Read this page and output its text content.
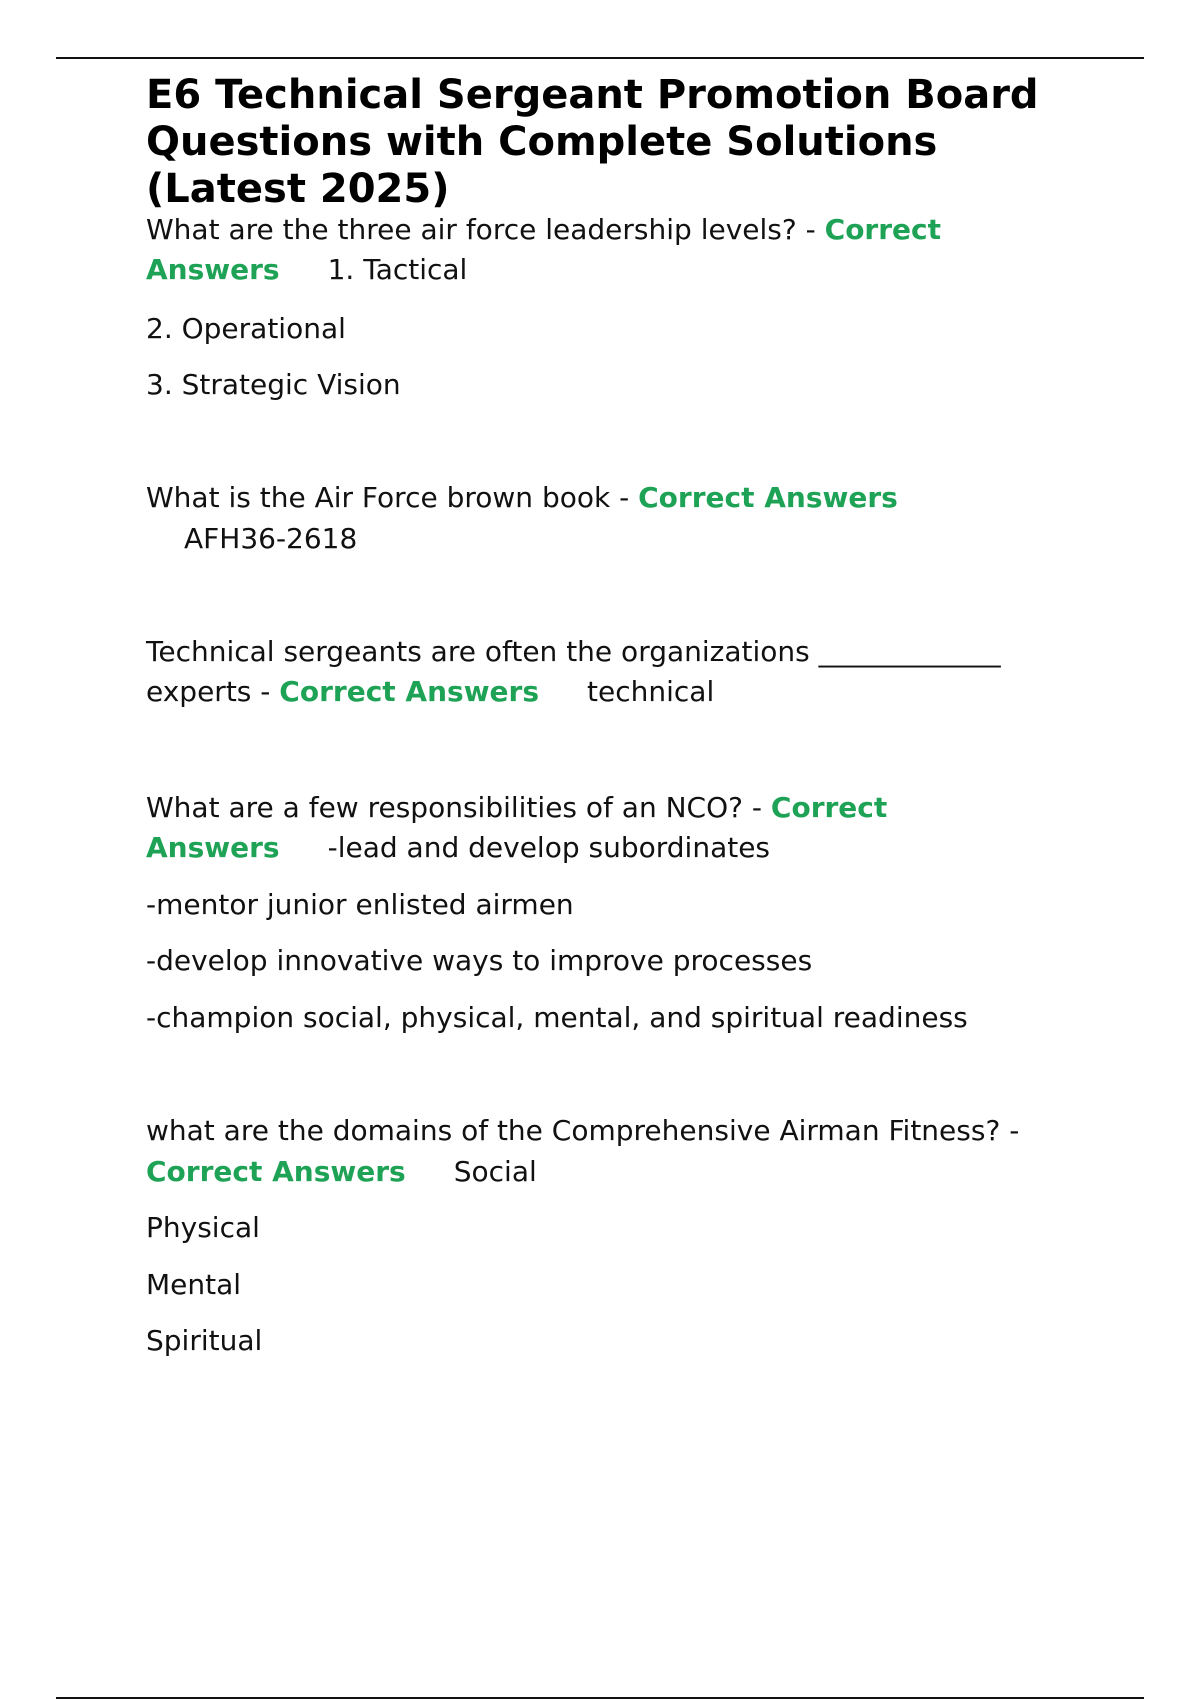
E6 Technical Sergeant Promotion Board
Questions with Complete Solutions
(Latest 2025)
What are the three air force leadership levels? - Correct
Answers 1. Tactical
2. Operational
3. Strategic Vision
What is the Air Force brown book - Correct Answers
AFH36-2618
Technical sergeants are often the organizations _____________
experts - Correct Answers technical
What are a few responsibilities of an NCO? - Correct
Answers -lead and develop subordinates
-mentor junior enlisted airmen
-develop innovative ways to improve processes
-champion social, physical, mental, and spiritual readiness
what are the domains of the Comprehensive Airman Fitness? -
Correct Answers Social
Physical
Mental
Spiritual
